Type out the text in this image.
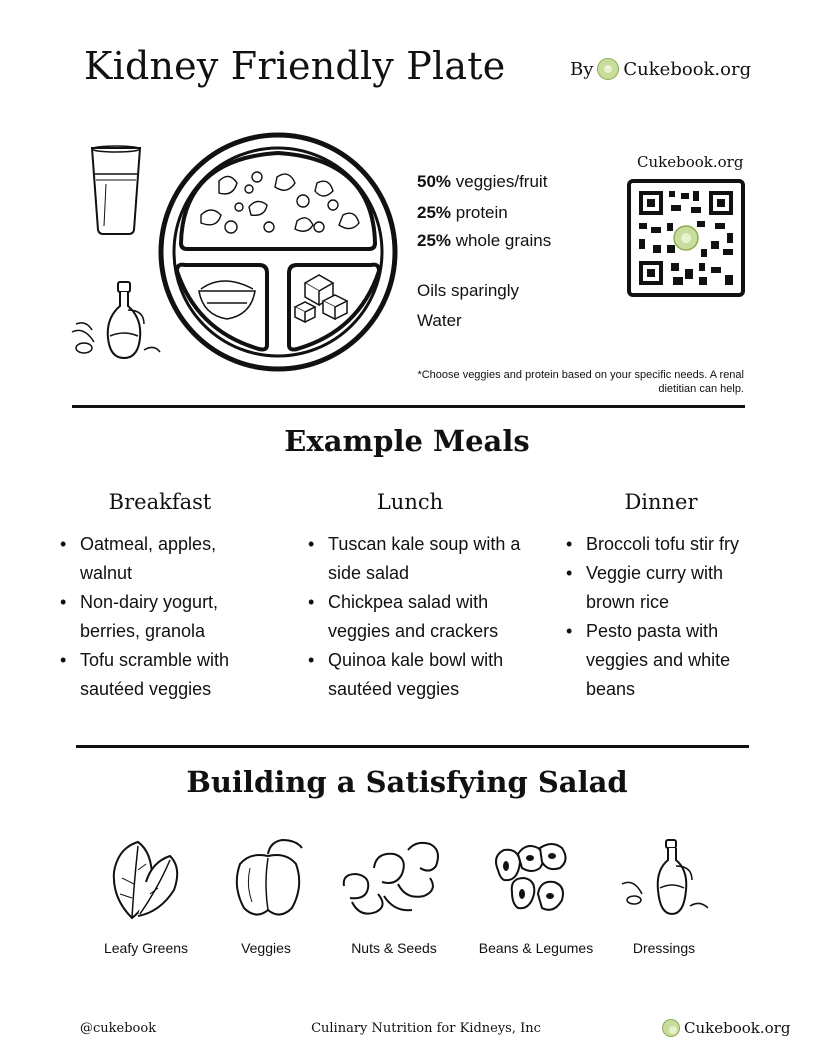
Kidney Friendly Plate	By Cukebook.org
50% veggies/fruit
25% protein
25% whole grains
Oils sparingly
Water
Cukebook.org
*Choose veggies and protein based on your specific needs. A renal dietitian can help.
Example Meals
Breakfast	Lunch	Dinner
• Oatmeal, apples, walnut
• Non-dairy yogurt, berries, granola
• Tofu scramble with sautéed veggies
• Tuscan kale soup with a side salad
• Chickpea salad with veggies and crackers
• Quinoa kale bowl with sautéed veggies
• Broccoli tofu stir fry
• Veggie curry with brown rice
• Pesto pasta with veggies and white beans
Building a Satisfying Salad
Leafy Greens	Veggies	Nuts & Seeds	Beans & Legumes	Dressings
@cukebook	Culinary Nutrition for Kidneys, Inc	Cukebook.org
